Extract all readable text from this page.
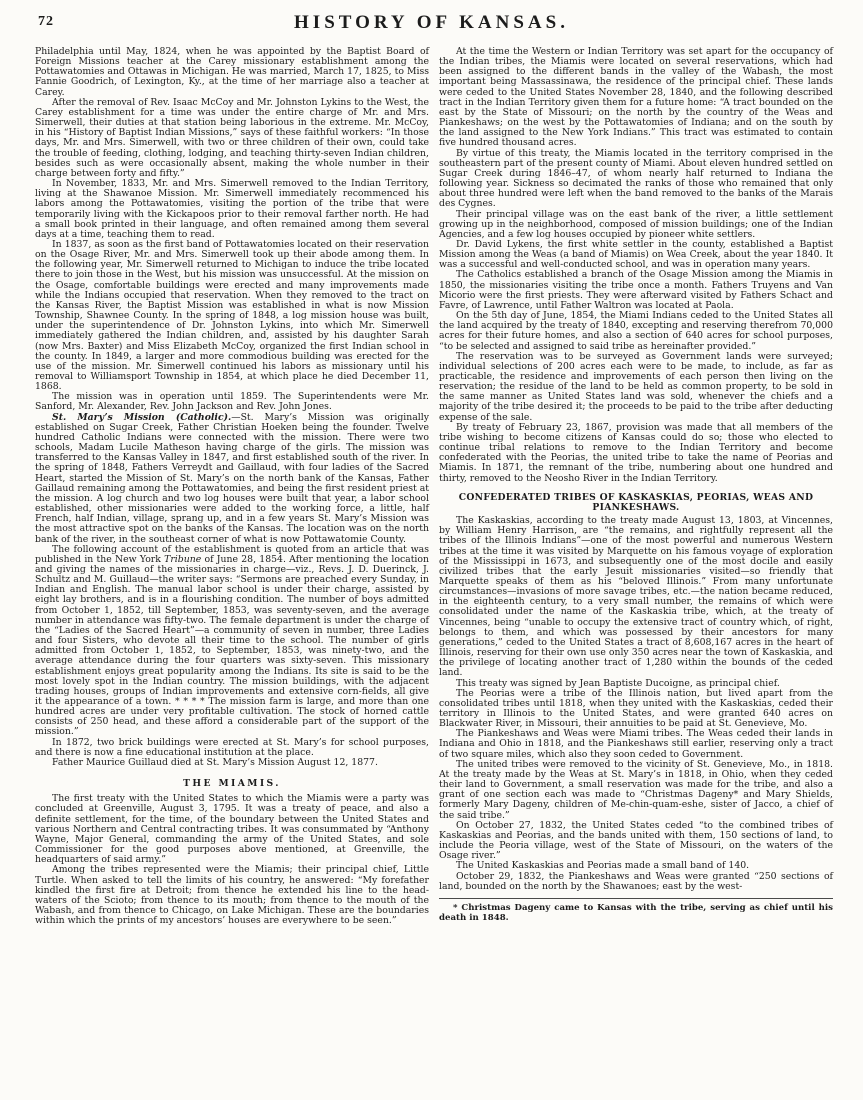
72	HISTORY OF KANSAS.

Philadelphia until May, 1824, when he was appointed by the Baptist Board of Foreign Missions teacher at the Carey missionary establishment among the Pottawatomies and Ottawas in Michigan. He was married, March 17, 1825, to Miss Fannie Goodrich, of Lexington, Ky., at the time of her marriage also a teacher at Carey.

After the removal of Rev. Isaac McCoy and Mr. Johnston Lykins to the West, the Carey establishment for a time was under the entire charge of Mr. and Mrs. Simerwell, their duties at that station being laborious in the extreme. Mr. McCoy, in his “History of Baptist Indian Missions,” says of these faithful workers: “In those days, Mr. and Mrs. Simerwell, with two or three children of their own, could take the trouble of feeding, clothing, lodging, and teaching thirty-seven Indian children, besides such as were occasionally absent, making the whole number in their charge between forty and fifty.”

In November, 1833, Mr. and Mrs. Simerwell removed to the Indian Territory, living at the Shawanoe Mission. Mr. Simerwell immediately recommenced his labors among the Pottawatomies, visiting the portion of the tribe that were temporarily living with the Kickapoos prior to their removal farther north. He had a small book printed in their language, and often remained among them several days at a time, teaching them to read.

In 1837, as soon as the first band of Pottawatomies located on their reservation on the Osage River, Mr. and Mrs. Simerwell took up their abode among them. In the following year, Mr. Simerwell returned to Michigan to induce the tribe located there to join those in the West, but his mission was unsuccessful. At the mission on the Osage, comfortable buildings were erected and many improvements made while the Indians occupied that reservation. When they removed to the tract on the Kansas River, the Baptist Mission was established in what is now Mission Township, Shawnee County. In the spring of 1848, a log mission house was built, under the superintendence of Dr. Johnston Lykins, into which Mr. Simerwell immediately gathered the Indian children, and, assisted by his daughter Sarah (now Mrs. Baxter) and Miss Elizabeth McCoy, organized the first Indian school in the county. In 1849, a larger and more commodious building was erected for the use of the mission. Mr. Simerwell continued his labors as missionary until his removal to Williamsport Township in 1854, at which place he died December 11, 1868.

The mission was in operation until 1859. The Superintendents were Mr. Sanford, Mr. Alexander, Rev. John Jackson and Rev. John Jones.

St. Mary’s Mission (Catholic).—St. Mary’s Mission was originally established on Sugar Creek, Father Christian Hoeken being the founder. Twelve hundred Catholic Indians were connected with the mission. There were two schools, Madam Lucile Matheson having charge of the girls. The mission was transferred to the Kansas Valley in 1847, and first established south of the river. In the spring of 1848, Fathers Verreydt and Gaillaud, with four ladies of the Sacred Heart, started the Mission of St. Mary’s on the north bank of the Kansas, Father Gaillaud remaining among the Pottawatomies, and being the first resident priest at the mission. A log church and two log houses were built that year, a labor school established, other missionaries were added to the working force, a little, half French, half Indian, village, sprang up, and in a few years St. Mary’s Mission was the most attractive spot on the banks of the Kansas. The location was on the north bank of the river, in the southeast corner of what is now Pottawatomie County.

The following account of the establishment is quoted from an article that was published in the New York Tribune of June 28, 1854. After mentioning the location and giving the names of the missionaries in charge—viz., Revs. J. D. Duerinck, J. Schultz and M. Guillaud—the writer says: “Sermons are preached every Sunday, in Indian and English. The manual labor school is under their charge, assisted by eight lay brothers, and is in a flourishing condition. The number of boys admitted from October 1, 1852, till September, 1853, was seventy-seven, and the average number in attendance was fifty-two. The female department is under the charge of the “Ladies of the Sacred Heart”—a community of seven in number, three Ladies and four Sisters, who devote all their time to the school. The number of girls admitted from October 1, 1852, to September, 1853, was ninety-two, and the average attendance during the four quarters was sixty-seven. This missionary establishment enjoys great popularity among the Indians. Its site is said to be the most lovely spot in the Indian country. The mission buildings, with the adjacent trading houses, groups of Indian improvements and extensive corn-fields, all give it the appearance of a town. * * * * The mission farm is large, and more than one hundred acres are under very profitable cultivation. The stock of horned cattle consists of 250 head, and these afford a considerable part of the support of the mission.”

In 1872, two brick buildings were erected at St. Mary’s for school purposes, and there is now a fine educational institution at the place.

Father Maurice Guillaud died at St. Mary’s Mission August 12, 1877.

THE MIAMIS.

The first treaty with the United States to which the Miamis were a party was concluded at Greenville, August 3, 1795. It was a treaty of peace, and also a definite settlement, for the time, of the boundary between the United States and various Northern and Central contracting tribes. It was consummated by “Anthony Wayne, Major General, commanding the army of the United States, and sole Commissioner for the good purposes above mentioned, at Greenville, the headquarters of said army.”

Among the tribes represented were the Miamis; their principal chief, Little Turtle. When asked to tell the limits of his country, he answered: “My forefather kindled the first fire at Detroit; from thence he extended his line to the head-waters of the Scioto; from thence to its mouth; from thence to the mouth of the Wabash, and from thence to Chicago, on Lake Michigan. These are the boundaries within which the prints of my ancestors’ houses are everywhere to be seen.”

At the time the Western or Indian Territory was set apart for the occupancy of the Indian tribes, the Miamis were located on several reservations, which had been assigned to the different bands in the valley of the Wabash, the most important being Massassinawa, the residence of the principal chief. These lands were ceded to the United States November 28, 1840, and the following described tract in the Indian Territory given them for a future home: “A tract bounded on the east by the State of Missouri; on the north by the country of the Weas and Piankeshaws; on the west by the Pottawatomies of Indiana; and on the south by the land assigned to the New York Indians.” This tract was estimated to contain five hundred thousand acres.

By virtue of this treaty, the Miamis located in the territory comprised in the southeastern part of the present county of Miami. About eleven hundred settled on Sugar Creek during 1846–47, of whom nearly half returned to Indiana the following year. Sickness so decimated the ranks of those who remained that only about three hundred were left when the band removed to the banks of the Marais des Cygnes.

Their principal village was on the east bank of the river, a little settlement growing up in the neighborhood, composed of mission buildings; one of the Indian Agencies, and a few log houses occupied by pioneer white settlers.

Dr. David Lykens, the first white settler in the county, established a Baptist Mission among the Weas (a band of Miamis) on Wea Creek, about the year 1840. It was a successful and well-conducted school, and was in operation many years.

The Catholics established a branch of the Osage Mission among the Miamis in 1850, the missionaries visiting the tribe once a month. Fathers Truyens and Van Micorio were the first priests. They were afterward visited by Fathers Schact and Favre, of Lawrence, until Father Waltron was located at Paola.

On the 5th day of June, 1854, the Miami Indians ceded to the United States all the land acquired by the treaty of 1840, excepting and reserving therefrom 70,000 acres for their future homes, and also a section of 640 acres for school purposes, “to be selected and assigned to said tribe as hereinafter provided.”

The reservation was to be surveyed as Government lands were surveyed; individual selections of 200 acres each were to be made, to include, as far as practicable, the residence and improvements of each person then living on the reservation; the residue of the land to be held as common property, to be sold in the same manner as United States land was sold, whenever the chiefs and a majority of the tribe desired it; the proceeds to be paid to the tribe after deducting expense of the sale.

By treaty of February 23, 1867, provision was made that all members of the tribe wishing to become citizens of Kansas could do so; those who elected to continue tribal relations to remove to the Indian Territory and become confederated with the Peorias, the united tribe to take the name of Peorias and Miamis. In 1871, the remnant of the tribe, numbering about one hundred and thirty, removed to the Neosho River in the Indian Territory.

CONFEDERATED TRIBES OF KASKASKIAS, PEORIAS, WEAS AND PIANKESHAWS.

The Kaskaskias, according to the treaty made August 13, 1803, at Vincennes, by William Henry Harrison, are “the remains, and rightfully represent all the tribes of the Illinois Indians”—one of the most powerful and numerous Western tribes at the time it was visited by Marquette on his famous voyage of exploration of the Mississippi in 1673, and subsequently one of the most docile and easily civilized tribes that the early Jesuit missionaries visited—so friendly that Marquette speaks of them as his “beloved Illinois.” From many unfortunate circumstances—invasions of more savage tribes, etc.—the nation became reduced, in the eighteenth century, to a very small number, the remains of which were consolidated under the name of the Kaskaskia tribe, which, at the treaty of Vincennes, being “unable to occupy the extensive tract of country which, of right, belongs to them, and which was possessed by their ancestors for many generations,” ceded to the United States a tract of 8,608,167 acres in the heart of Illinois, reserving for their own use only 350 acres near the town of Kaskaskia, and the privilege of locating another tract of 1,280 within the bounds of the ceded land.

This treaty was signed by Jean Baptiste Ducoigne, as principal chief.

The Peorias were a tribe of the Illinois nation, but lived apart from the consolidated tribes until 1818, when they united with the Kaskaskias, ceded their territory in Illinois to the United States, and were granted 640 acres on Blackwater River, in Missouri, their annuities to be paid at St. Genevieve, Mo.

The Piankeshaws and Weas were Miami tribes. The Weas ceded their lands in Indiana and Ohio in 1818, and the Piankeshaws still earlier, reserving only a tract of two square miles, which also they soon ceded to Government.

The united tribes were removed to the vicinity of St. Genevieve, Mo., in 1818. At the treaty made by the Weas at St. Mary’s in 1818, in Ohio, when they ceded their land to Government, a small reservation was made for the tribe, and also a grant of one section each was made to “Christmas Dageny* and Mary Shields, formerly Mary Dageny, children of Me-chin-quam-eshe, sister of Jacco, a chief of the said tribe.”

On October 27, 1832, the United States ceded “to the combined tribes of Kaskaskias and Peorias, and the bands united with them, 150 sections of land, to include the Peoria village, west of the State of Missouri, on the waters of the Osage river.”

The United Kaskaskias and Peorias made a small band of 140.

October 29, 1832, the Piankeshaws and Weas were granted “250 sections of land, bounded on the north by the Shawanoes; east by the west-

* Christmas Dageny came to Kansas with the tribe, serving as chief until his death in 1848.
